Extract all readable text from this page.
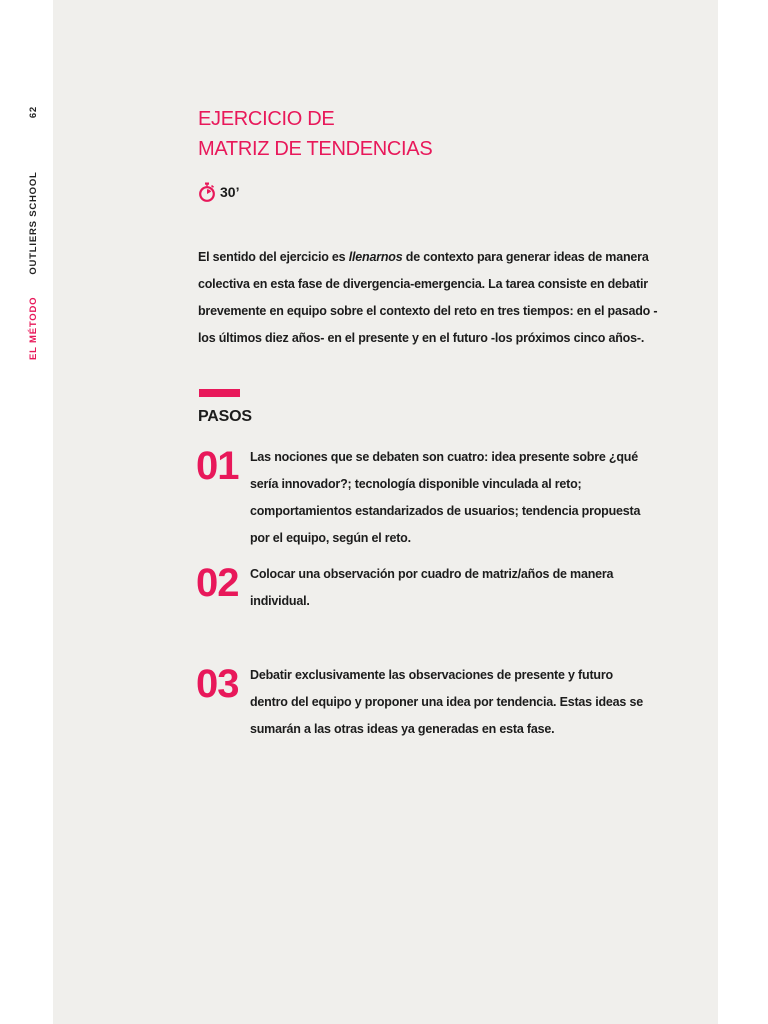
EL MÉTODO
OUTLIERS SCHOOL
62	EJERCICIO DE
MATRIZ DE TENDENCIAS
30’

El sentido del ejercicio es llenarnos de contexto para generar ideas de manera colectiva en esta fase de divergencia-emergencia. La tarea consiste en debatir brevemente en equipo sobre el contexto del reto en tres tiempos: en el pasado -los últimos diez años- en el presente y en el futuro -los próximos cinco años-.

PASOS
01 Las nociones que se debaten son cuatro: idea presente sobre ¿qué sería innovador?; tecnología disponible vinculada al reto; comportamientos estandarizados de usuarios; tendencia propuesta por el equipo, según el reto.

02 Colocar una observación por cuadro de matriz/años de manera individual.

03 Debatir exclusivamente las observaciones de presente y futuro dentro del equipo y proponer una idea por tendencia. Estas ideas se sumarán a las otras ideas ya generadas en esta fase.
